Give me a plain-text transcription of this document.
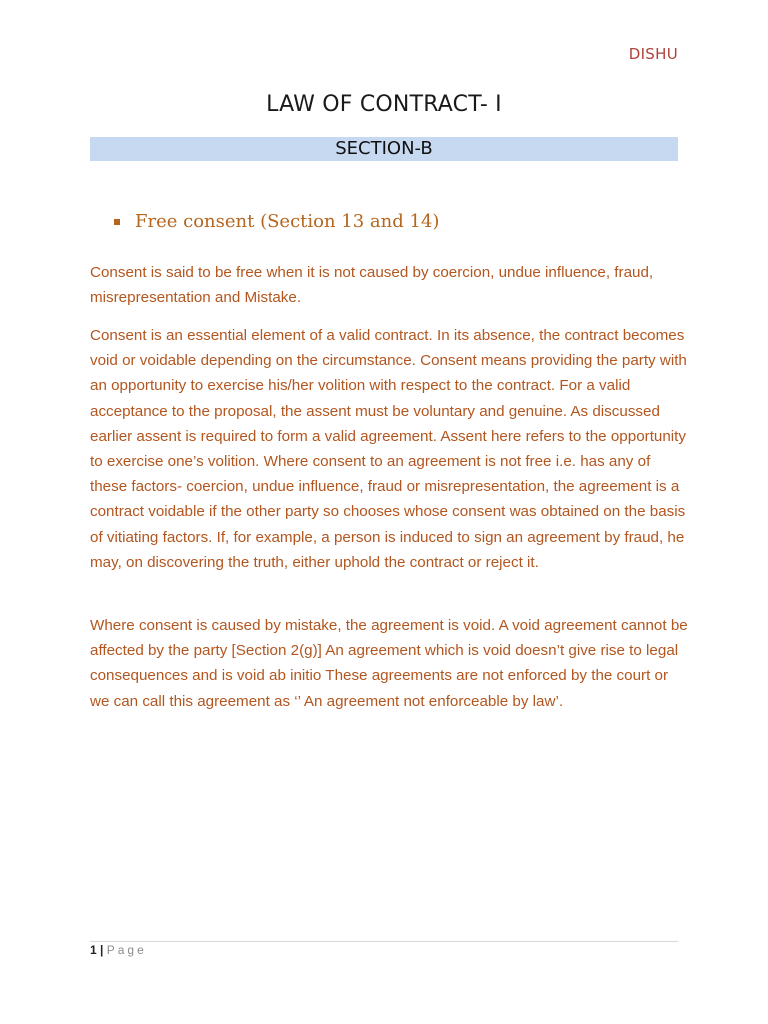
DISHU
LAW OF CONTRACT- I
SECTION-B
Free consent (Section 13 and 14)

Consent is said to be free when it is not caused by coercion, undue influence, fraud, misrepresentation and Mistake.

Consent is an essential element of a valid contract. In its absence, the contract becomes void or voidable depending on the circumstance. Consent means providing the party with an opportunity to exercise his/her volition with respect to the contract. For a valid acceptance to the proposal, the assent must be voluntary and genuine. As discussed earlier assent is required to form a valid agreement. Assent here refers to the opportunity to exercise one’s volition. Where consent to an agreement is not free i.e. has any of these factors- coercion, undue influence, fraud or misrepresentation, the agreement is a contract voidable if the other party so chooses whose consent was obtained on the basis of vitiating factors. If, for example, a person is induced to sign an agreement by fraud, he may, on discovering the truth, either uphold the contract or reject it.

Where consent is caused by mistake, the agreement is void. A void agreement cannot be affected by the party [Section 2(g)] An agreement which is void doesn’t give rise to legal consequences and is void ab initio These agreements are not enforced by the court or we can call this agreement as ‘’ An agreement not enforceable by law’.

1 | Page
